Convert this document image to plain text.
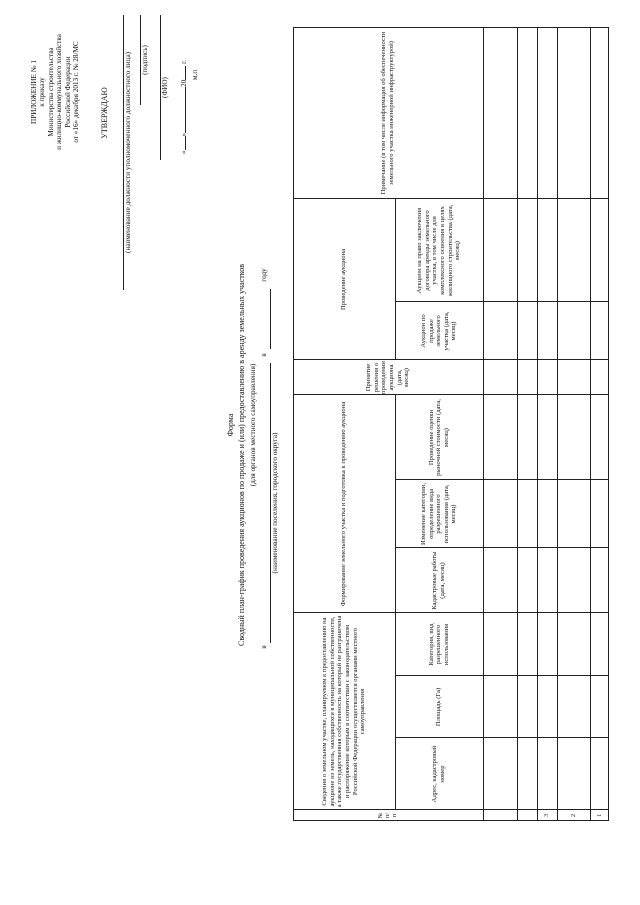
ПРИЛОЖЕНИЕ № 1 к приказу Министерства строительства и жилищно-коммунального хозяйства Российской Федерации от «16» декабря 2013 г. № 28/МС УТВЕРЖДАЮ (наименование должности уполномоченного должностного лица) (подпись)
(ФИО)
«»20 г.
м.п
Форма Сводный план-график проведения аукционов по продаже и (или) предоставлению в аренду земельных участков (для органов местного самоуправления)
в
(наименование поселения, городского округа)
в
году
№ п/п
Сведения о земельном участке, планируемом к предоставлению на аукционе из земель, находящихся в муниципальной собственности, а также государственная собственность на который не разграничена и распоряжение которым в соответствии с законодательством Российской Федерации осуществляется органами местного самоуправления
Адрес, кадастровый номер
Площадь (Га)
Категория, вид разрешенного использования
Формирование земельного участка и подготовка к проведению аукциона	Кадастровые работы (дата, месяц)
Изменение категории, определение вида разрешенного использования (дата, месяц)
Проведение оценки рыночной стоимости (дата, месяц)
Принятие решения о проведении аукциона (дата, месяц)
Проведение аукциона
Аукцион по продаже земельного участка (дата, месяц)
Аукцион на право заключения договора аренды земельного участка, в том числе для комплексного освоения в целях жилищного строительства (дата, месяц)
Примечание (в том числе информация об обеспеченности земельного участка инженерной инфраструктурой)
1
2
3
